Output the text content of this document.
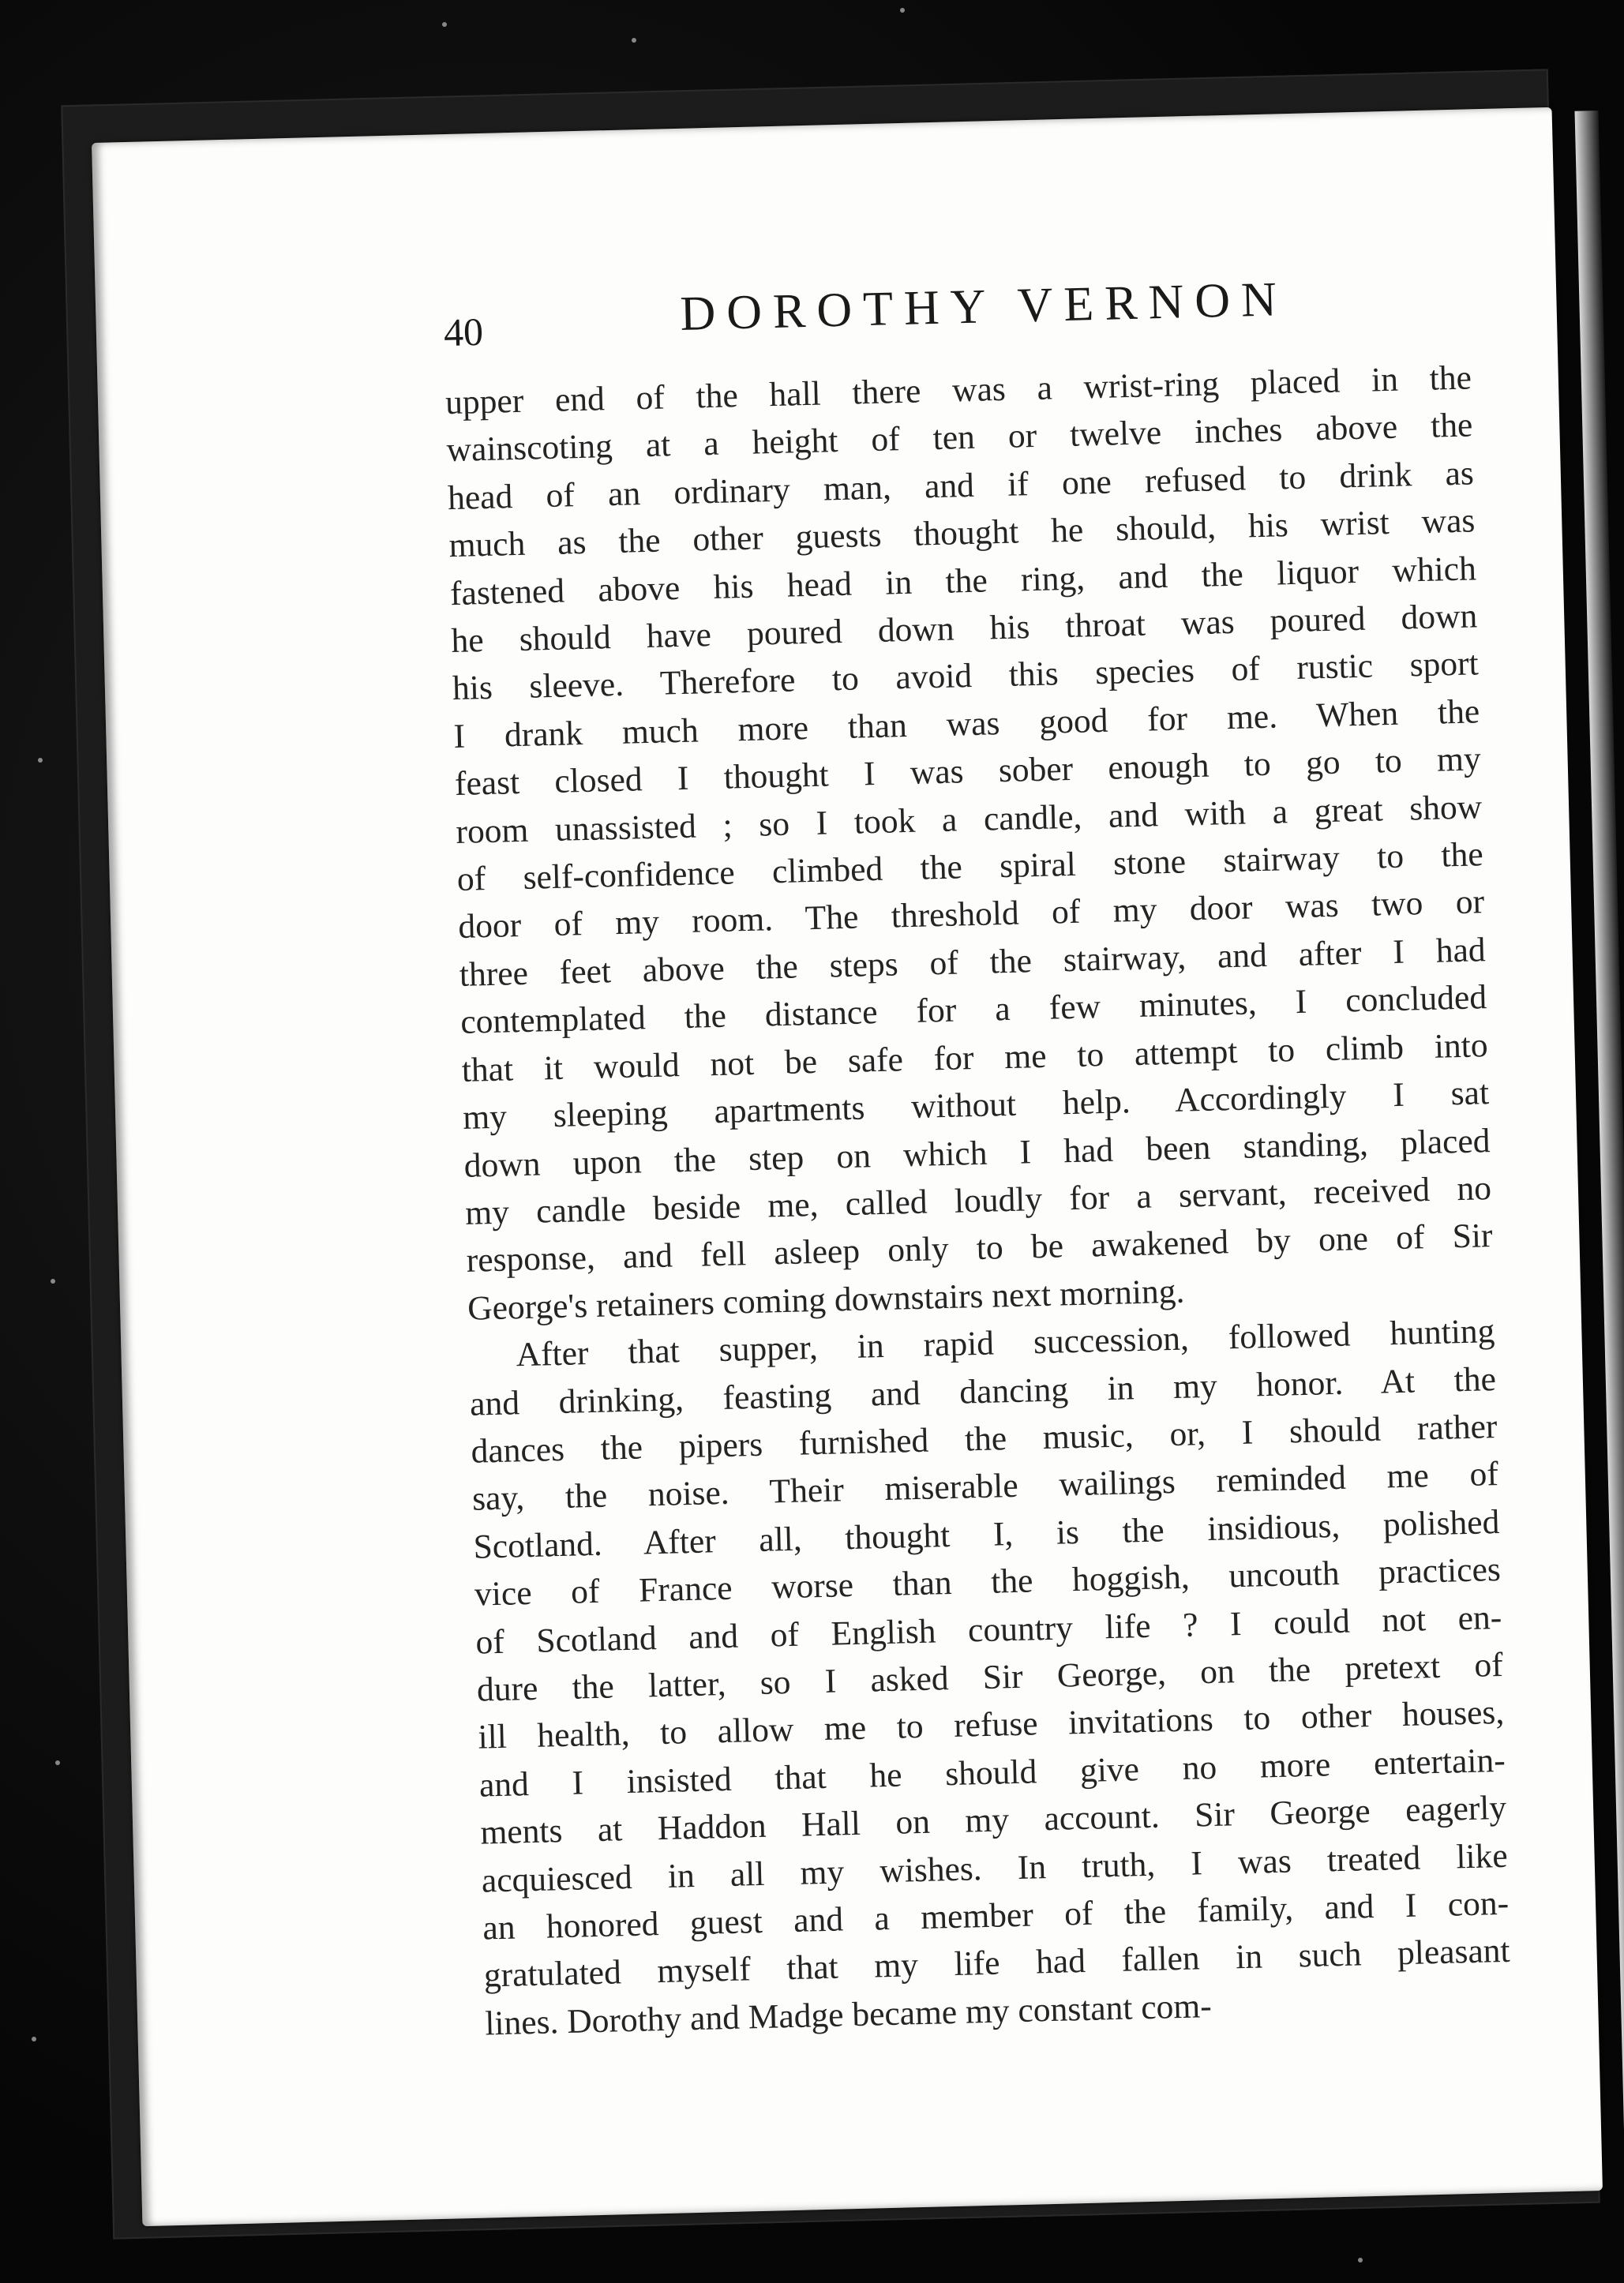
40	DOROTHY VERNON
upper end of the hall there was a wrist-ring placed in the
wainscoting at a height of ten or twelve inches above the
head of an ordinary man, and if one refused to drink as
much as the other guests thought he should, his wrist was
fastened above his head in the ring, and the liquor which
he should have poured down his throat was poured down
his sleeve. Therefore to avoid this species of rustic sport
I drank much more than was good for me. When the
feast closed I thought I was sober enough to go to my
room unassisted ; so I took a candle, and with a great show
of self-confidence climbed the spiral stone stairway to the
door of my room. The threshold of my door was two or
three feet above the steps of the stairway, and after I had
contemplated the distance for a few minutes, I concluded
that it would not be safe for me to attempt to climb into
my sleeping apartments without help. Accordingly I sat
down upon the step on which I had been standing, placed
my candle beside me, called loudly for a servant, received no
response, and fell asleep only to be awakened by one of Sir
George's retainers coming downstairs next morning.
After that supper, in rapid succession, followed hunting
and drinking, feasting and dancing in my honor. At the
dances the pipers furnished the music, or, I should rather
say, the noise. Their miserable wailings reminded me of
Scotland. After all, thought I, is the insidious, polished
vice of France worse than the hoggish, uncouth practices
of Scotland and of English country life ? I could not en-
dure the latter, so I asked Sir George, on the pretext of
ill health, to allow me to refuse invitations to other houses,
and I insisted that he should give no more entertain-
ments at Haddon Hall on my account. Sir George eagerly
acquiesced in all my wishes. In truth, I was treated like
an honored guest and a member of the family, and I con-
gratulated myself that my life had fallen in such pleasant
lines. Dorothy and Madge became my constant com-
